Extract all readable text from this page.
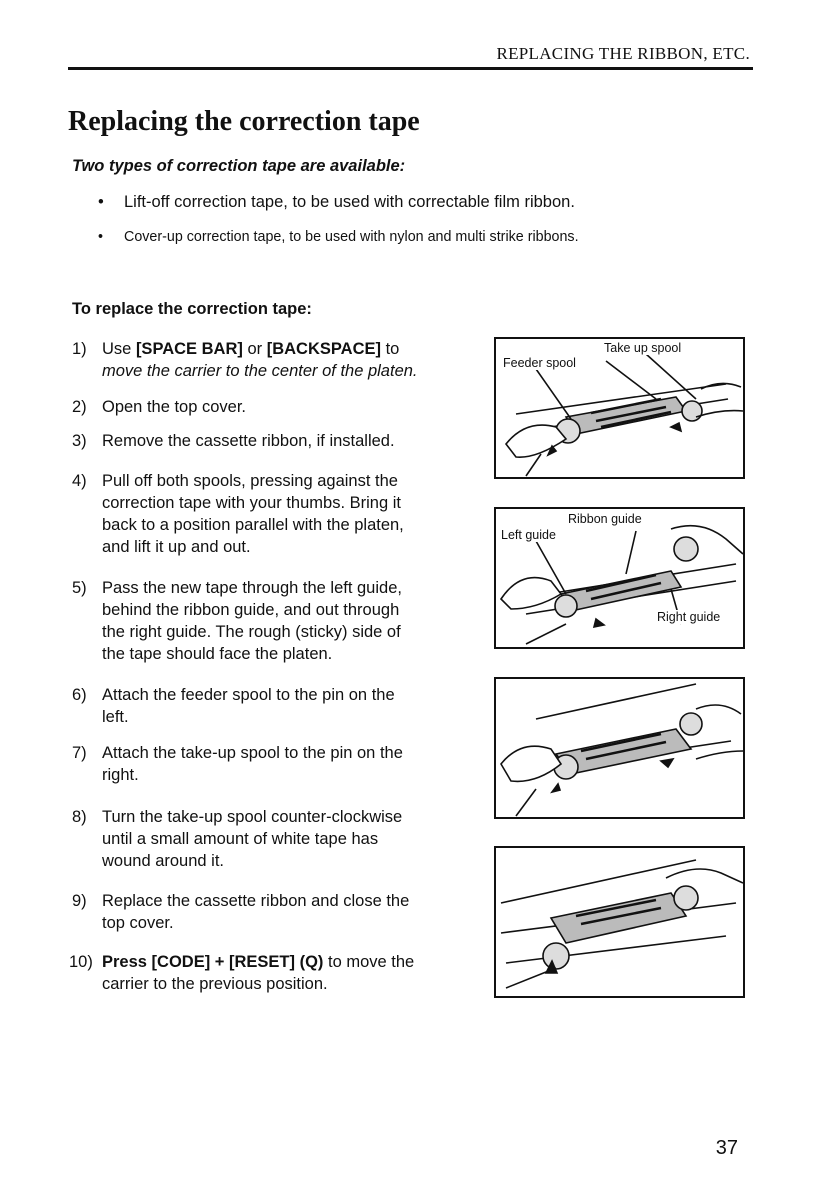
REPLACING THE RIBBON, ETC.
Replacing the correction tape
Two types of correction tape are available:
• Lift-off correction tape, to be used with correctable film ribbon.
• Cover-up correction tape, to be used with nylon and multi strike ribbons.
To replace the correction tape:
1) Use [SPACE BAR] or [BACKSPACE] to
move the carrier to the center of the platen.
2) Open the top cover.
3) Remove the cassette ribbon, if installed.
4) Pull off both spools, pressing against the
correction tape with your thumbs. Bring it
back to a position parallel with the platen,
and lift it up and out.
5) Pass the new tape through the left guide,
behind the ribbon guide, and out through
the right guide. The rough (sticky) side of
the tape should face the platen.
6) Attach the feeder spool to the pin on the
left.
7) Attach the take-up spool to the pin on the
right.
8) Turn the take-up spool counter-clockwise
until a small amount of white tape has
wound around it.
9) Replace the cassette ribbon and close the
top cover.
10) Press [CODE] + [RESET] (Q) to move the
carrier to the previous position.
Take up spool
Feeder spool
Ribbon guide
Left guide
Right guide
37
